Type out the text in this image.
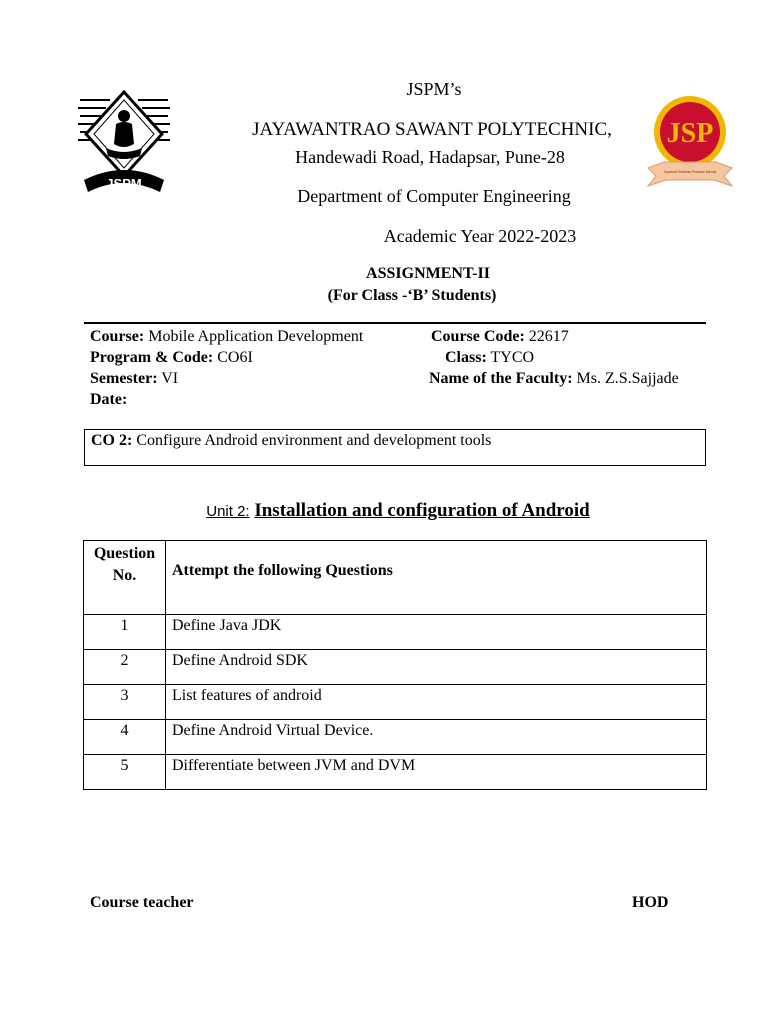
JSPM
JSP
Jayawant Shikshan Prasarak Mandal
JSPM’s
JAYAWANTRAO SAWANT POLYTECHNIC,
Handewadi Road, Hadapsar, Pune-28
Department of Computer Engineering
Academic Year 2022-2023
ASSIGNMENT-II
(For Class -‘B’ Students)
Course: Mobile Application Development	Course Code: 22617
Program & Code: CO6I	Class: TYCO
Semester: VI	Name of the Faculty: Ms. Z.S.Sajjade
Date:
CO 2: Configure Android environment and development tools
Unit 2: Installation and configuration of Android
Question
No.	Attempt the following Questions
1	Define Java JDK
2	Define Android SDK
3	List features of android
4	Define Android Virtual Device.
5	Differentiate between JVM and DVM
Course teacher	HOD
